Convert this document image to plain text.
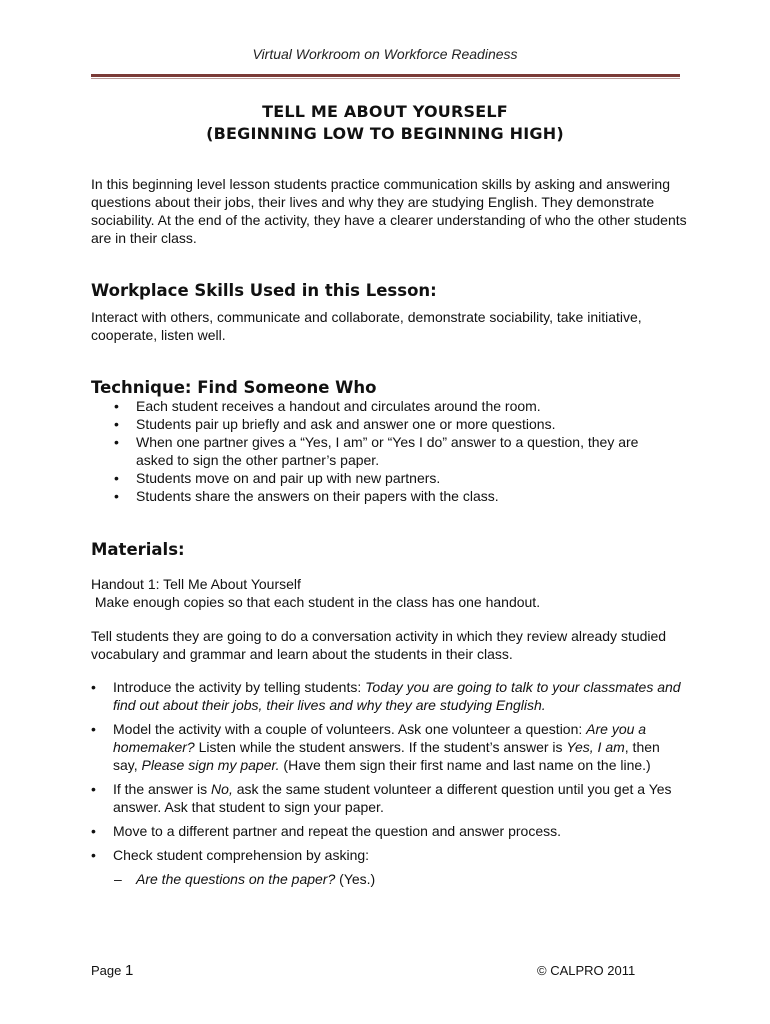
Virtual Workroom on Workforce Readiness
TELL ME ABOUT YOURSELF
(BEGINNING LOW TO BEGINNING HIGH)

In this beginning level lesson students practice communication skills by asking and answering questions about their jobs, their lives and why they are studying English. They demonstrate sociability. At the end of the activity, they have a clearer understanding of who the other students are in their class.

Workplace Skills Used in this Lesson:

Interact with others, communicate and collaborate, demonstrate sociability, take initiative, cooperate, listen well.

Technique: Find Someone Who
• Each student receives a handout and circulates around the room.
• Students pair up briefly and ask and answer one or more questions.
• When one partner gives a “Yes, I am” or “Yes I do” answer to a question, they are asked to sign the other partner’s paper.
• Students move on and pair up with new partners.
• Students share the answers on their papers with the class.
Materials:

Handout 1: Tell Me About Yourself

Make enough copies so that each student in the class has one handout.

Tell students they are going to do a conversation activity in which they review already studied vocabulary and grammar and learn about the students in their class.

• Introduce the activity by telling students: Today you are going to talk to your classmates and find out about their jobs, their lives and why they are studying English.
• Model the activity with a couple of volunteers. Ask one volunteer a question: Are you a homemaker? Listen while the student answers. If the student’s answer is Yes, I am, then say, Please sign my paper. (Have them sign their first name and last name on the line.)
• If the answer is No, ask the same student volunteer a different question until you get a Yes answer. Ask that student to sign your paper.
• Move to a different partner and repeat the question and answer process.
• Check student comprehension by asking:
– Are the questions on the paper? (Yes.)
Page 1	© CALPRO 2011
